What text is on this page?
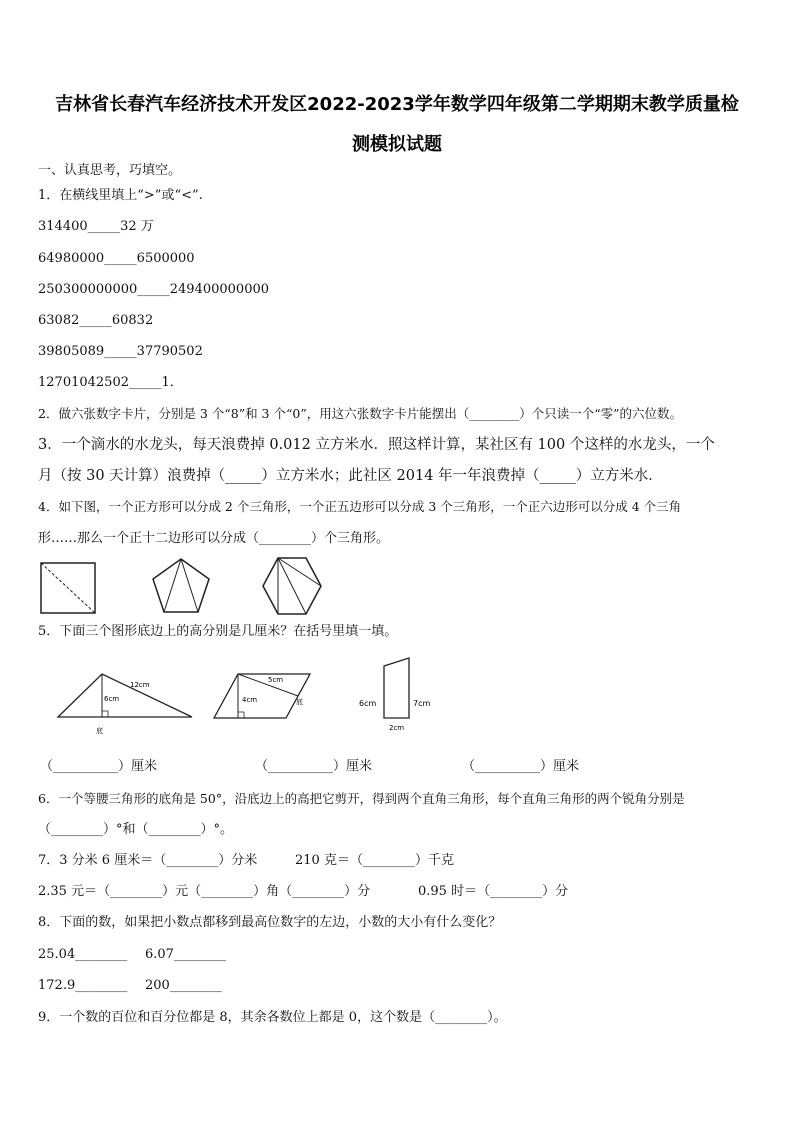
吉林省长春汽车经济技术开发区2022-2023学年数学四年级第二学期期末教学质量检
测模拟试题
一、认真思考，巧填空。
1．在横线里填上“>”或“<”.
314400_____32 万
64980000_____6500000
250300000000_____249400000000
63082_____60832
39805089_____37790502
12701042502_____1．
2．做六张数字卡片，分别是 3 个“8”和 3 个“0”，用这六张数字卡片能摆出（________）个只读一个“零”的六位数。
3．一个滴水的水龙头，每天浪费掉 0.012 立方米水．照这样计算，某社区有 100 个这样的水龙头，一个
月（按 30 天计算）浪费掉（_____）立方米水；此社区 2014 年一年浪费掉（_____）立方米水．
4．如下图，一个正方形可以分成 2 个三角形，一个正五边形可以分成 3 个三角形，一个正六边形可以分成 4 个三角
形……那么一个正十二边形可以分成（________）个三角形。
5．下面三个图形底边上的高分别是几厘米？在括号里填一填。
6cm
12cm
底
4cm
5cm
底	6cm	7cm
2cm
（__________）厘米	（__________）厘米	（__________）厘米
6．一个等腰三角形的底角是 50°，沿底边上的高把它剪开，得到两个直角三角形，每个直角三角形的两个锐角分别是
（________）°和（________）°。
7．3 分米 6 厘米＝（________）分米	210 克＝（________）千克
2.35 元＝（________）元（________）角（________）分	0.95 时＝（________）分
8．下面的数，如果把小数点都移到最高位数字的左边，小数的大小有什么变化？
25.04________ 6.07________
172.9________ 200________
9．一个数的百位和百分位都是 8，其余各数位上都是 0，这个数是（________）。
